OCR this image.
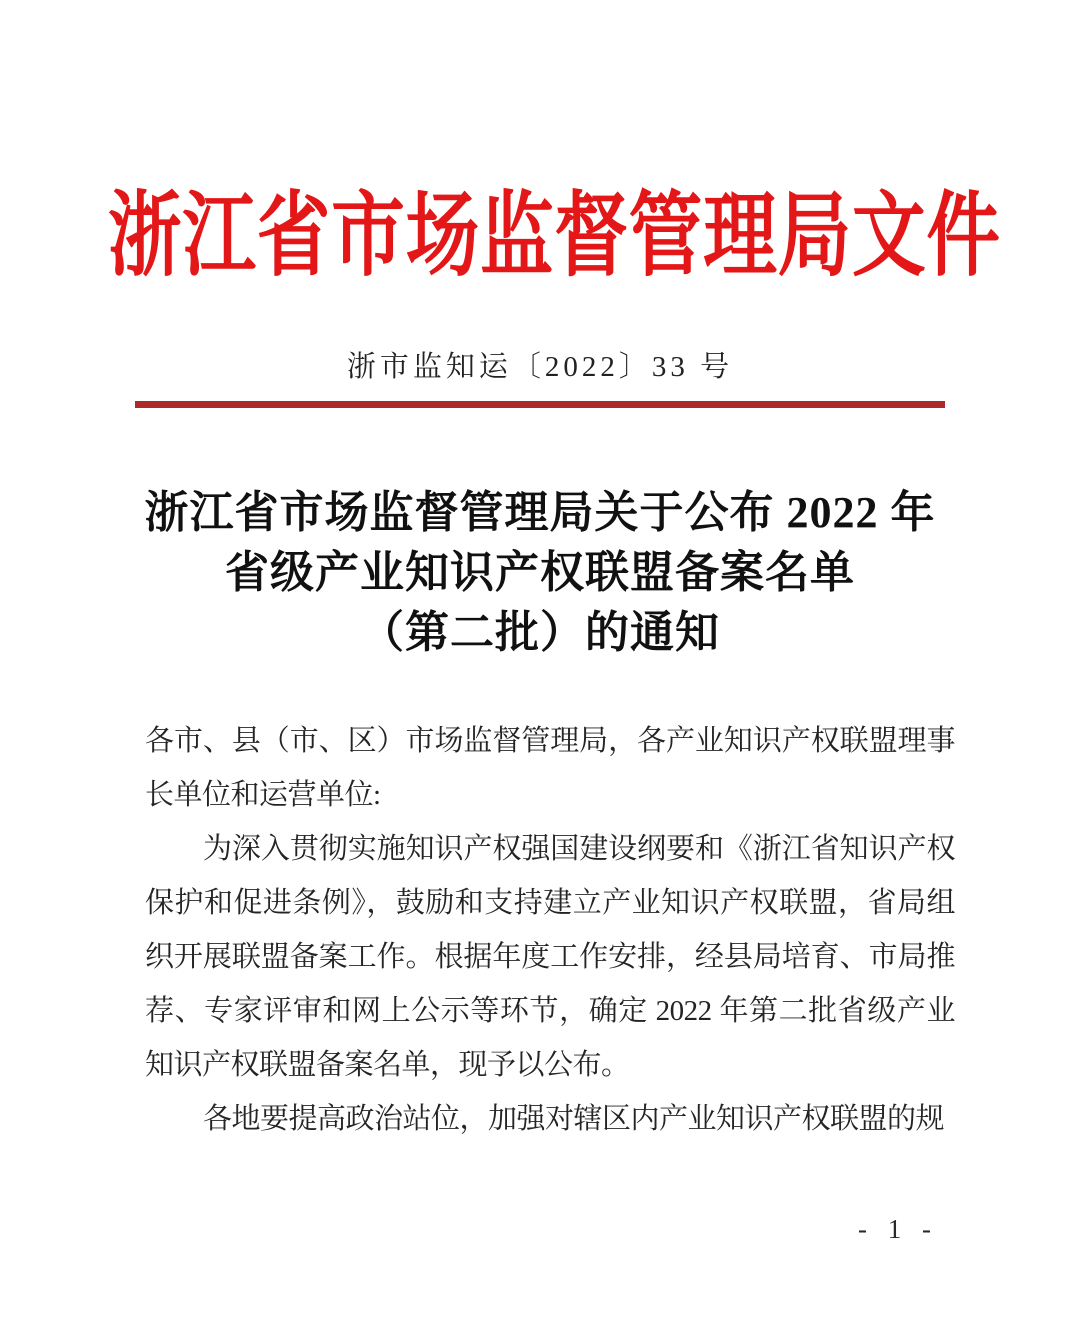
浙江省市场监督管理局文件
浙市监知运〔2022〕33 号
浙江省市场监督管理局关于公布 2022 年
省级产业知识产权联盟备案名单
（第二批）的通知

各市、县（市、区）市场监督管理局，各产业知识产权联盟理事长单位和运营单位:

为深入贯彻实施知识产权强国建设纲要和《浙江省知识产权保护和促进条例》，鼓励和支持建立产业知识产权联盟，省局组织开展联盟备案工作。根据年度工作安排，经县局培育、市局推荐、专家评审和网上公示等环节，确定 2022 年第二批省级产业知识产权联盟备案名单，现予以公布。

各地要提高政治站位，加强对辖区内产业知识产权联盟的规

- 1 -
